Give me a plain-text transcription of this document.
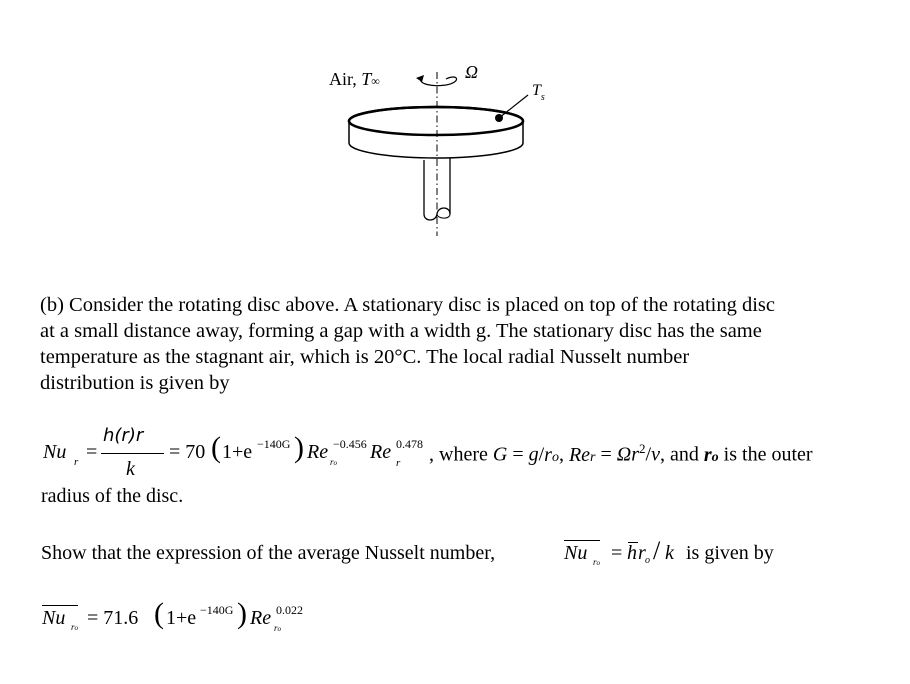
Air, T∞	Ω
$T_s$
(b) Consider the rotating disc above. A stationary disc is placed on top of the rotating disc
at a small distance away, forming a gap with a width g. The stationary disc has the same
temperature as the stagnant air, which is 20°C. The local radial Nusselt number
distribution is given by
Nu r =
h(r)r
k
= 70 ( 1+e −140G ) Re −0.456
ro Re 0.478
r , where G = g/ro, Rer = $\Omega r^2/\nu$, and ro is the outer
radius of the disc.
Show that the expression of the average Nusselt number,	Nu ro = h r o / k is given by
Nu ro = 71.6 ( 1+e −140G ) Re 0.022
ro
